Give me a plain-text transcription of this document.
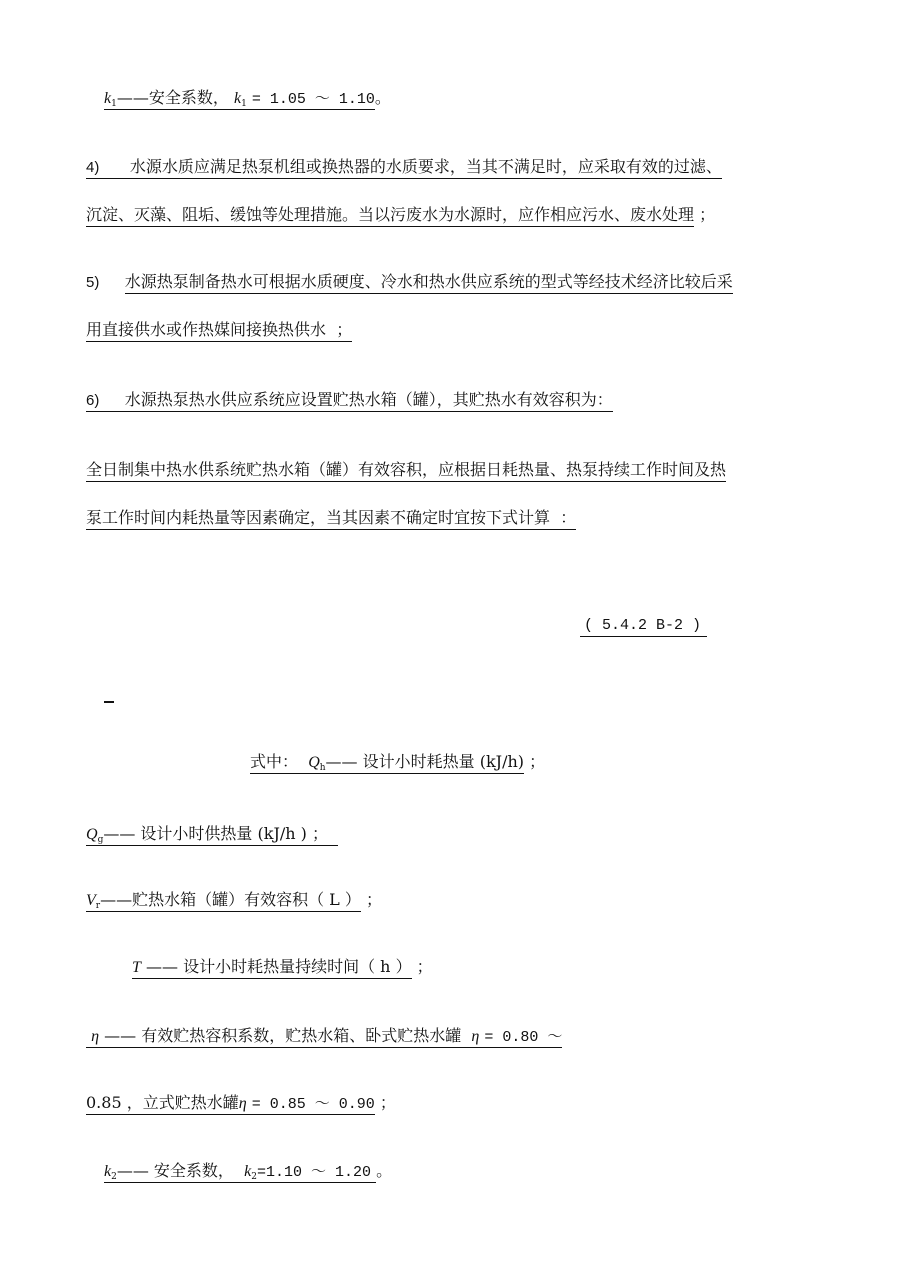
$k_1——$安全系数， $k_1 = 1.05$ ～ 1.10。
4) 水源水质应满足热泵机组或换热器的水质要求，当其不满足时，应采取有效的过滤、
沉淀、灭藻、阻垢、缓蚀等处理措施。当以污废水为水源时，应作相应污水、废水处理 ；
5) 水源热泵制备热水可根据水质硬度、冷水和热水供应系统的型式等经技术经济比较后采
用直接供水或作热媒间接换热供水 ；
6) 水源热泵热水供应系统应设置贮热水箱（罐），其贮热水有效容积为：
全日制集中热水供系统贮热水箱（罐）有效容积，应根据日耗热量、热泵持续工作时间及热
泵工作时间内耗热量等因素确定，当其因素不确定时宜按下式计算 ：
( 5.4.2 B-2 )
式中： $Q_h——$ 设计小时耗热量 (kJ/h) ；
$Q_g——$ 设计小时供热量 (kJ/h ) ；
$V_r——$贮热水箱（罐）有效容积（ L ） ；
T —— 设计小时耗热量持续时间（ h ） ；
η —— 有效贮热容积系数，贮热水箱、卧式贮热水罐 η = 0.80 ～
0.85 ，立式贮热水罐η = 0.85 ～ 0.90 ；
$k_2——$ 安全系数， $k_2=1.10$ ～ 1.20 。
